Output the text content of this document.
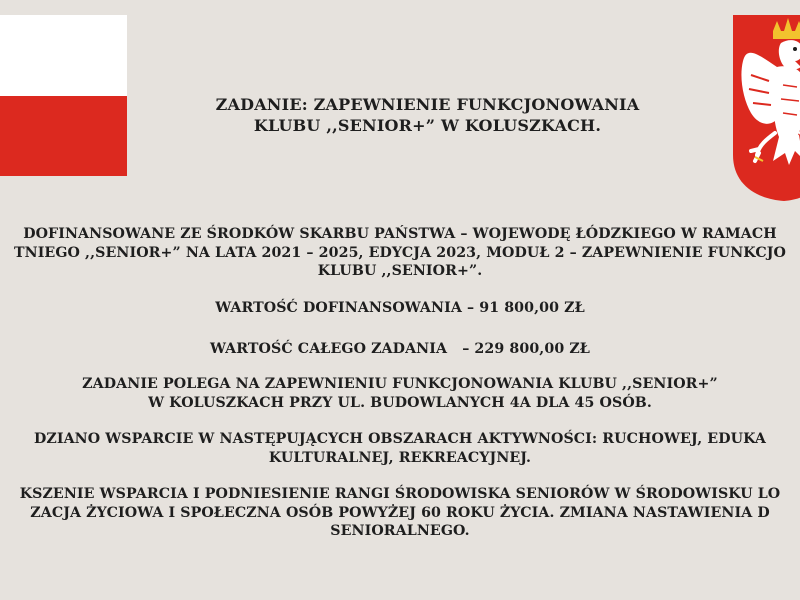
ZADANIE: ZAPEWNIENIE FUNKCJONOWANIA
KLUBU ,,SENIOR+” W KOLUSZKACH.

DOFINANSOWANE ZE ŚRODKÓW SKARBU PAŃSTWA – WOJEWODĘ ŁÓDZKIEGO W RAMACH
TNIEGO ,,SENIOR+” NA LATA 2021 – 2025, EDYCJA 2023, MODUŁ 2 – ZAPEWNIENIE FUNKCJO
KLUBU ,,SENIOR+”.

WARTOŚĆ DOFINANSOWANIA – 91 800,00 ZŁ

WARTOŚĆ CAŁEGO ZADANIA   – 229 800,00 ZŁ

ZADANIE POLEGA NA ZAPEWNIENIU FUNKCJONOWANIA KLUBU ,,SENIOR+”
W KOLUSZKACH PRZY UL. BUDOWLANYCH 4A DLA 45 OSÓB.

DZIANO WSPARCIE W NASTĘPUJĄCYCH OBSZARACH AKTYWNOŚCI: RUCHOWEJ, EDUKA
KULTURALNEJ, REKREACYJNEJ.

KSZENIE WSPARCIA I PODNIESIENIE RANGI ŚRODOWISKA SENIORÓW W ŚRODOWISKU LO
ZACJA ŻYCIOWA I SPOŁECZNA OSÓB POWYŻEJ 60 ROKU ŻYCIA. ZMIANA NASTAWIENIA D
SENIORALNEGO.
